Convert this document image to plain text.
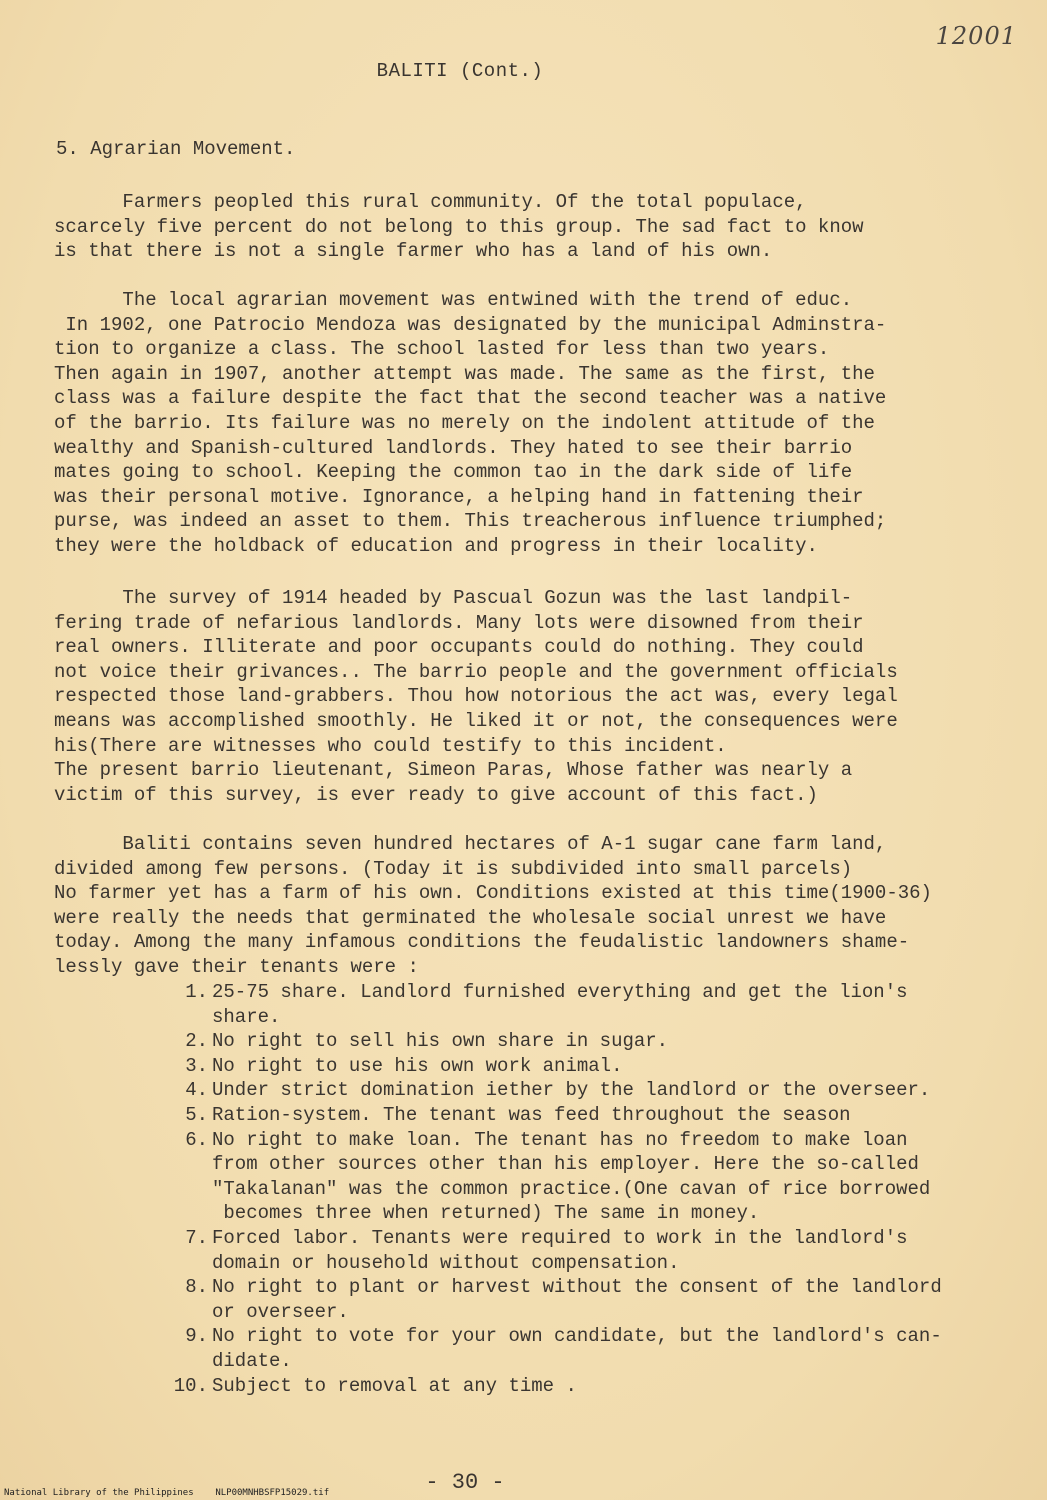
12001
BALITI (Cont.)
5. Agrarian Movement.

Farmers peopled this rural community. Of the total populace,
scarcely five percent do not belong to this group. The sad fact to know
is that there is not a single farmer who has a land of his own.

The local agrarian movement was entwined with the trend of educ.
In 1902, one Patrocio Mendoza was designated by the municipal Adminstra-
tion to organize a class. The school lasted for less than two years.
Then again in 1907, another attempt was made. The same as the first, the
class was a failure despite the fact that the second teacher was a native
of the barrio. Its failure was no merely on the indolent attitude of the
wealthy and Spanish-cultured landlords. They hated to see their barrio
mates going to school. Keeping the common tao in the dark side of life
was their personal motive. Ignorance, a helping hand in fattening their
purse, was indeed an asset to them. This treacherous influence triumphed;
they were the holdback of education and progress in their locality.

The survey of 1914 headed by Pascual Gozun was the last landpil-
fering trade of nefarious landlords. Many lots were disowned from their
real owners. Illiterate and poor occupants could do nothing. They could
not voice their grivances.. The barrio people and the government officials
respected those land-grabbers. Thou how notorious the act was, every legal
means was accomplished smoothly. He liked it or not, the consequences were
his(There are witnesses who could testify to this incident.
The present barrio lieutenant, Simeon Paras, Whose father was nearly a
victim of this survey, is ever ready to give account of this fact.)

Baliti contains seven hundred hectares of A-1 sugar cane farm land,
divided among few persons. (Today it is subdivided into small parcels)
No farmer yet has a farm of his own. Conditions existed at this time(1900-36)
were really the needs that germinated the wholesale social unrest we have
today. Among the many infamous conditions the feudalistic landowners shame-
lessly gave their tenants were :

1. 25-75 share. Landlord furnished everything and get the lion's
share.
2. No right to sell his own share in sugar.
3. No right to use his own work animal.
4. Under strict domination iether by the landlord or the overseer.
5. Ration-system. The tenant was feed throughout the season
6. No right to make loan. The tenant has no freedom to make loan
from other sources other than his employer. Here the so-called
"Takalanan" was the common practice.(One cavan of rice borrowed
becomes three when returned) The same in money.
7. Forced labor. Tenants were required to work in the landlord's
domain or household without compensation.
8. No right to plant or harvest without the consent of the landlord
or overseer.
9. No right to vote for your own candidate, but the landlord's can-
didate.
10. Subject to removal at any time .
- 30 -
National Library of the Philippines    NLP00MNHBSFP15029.tif
